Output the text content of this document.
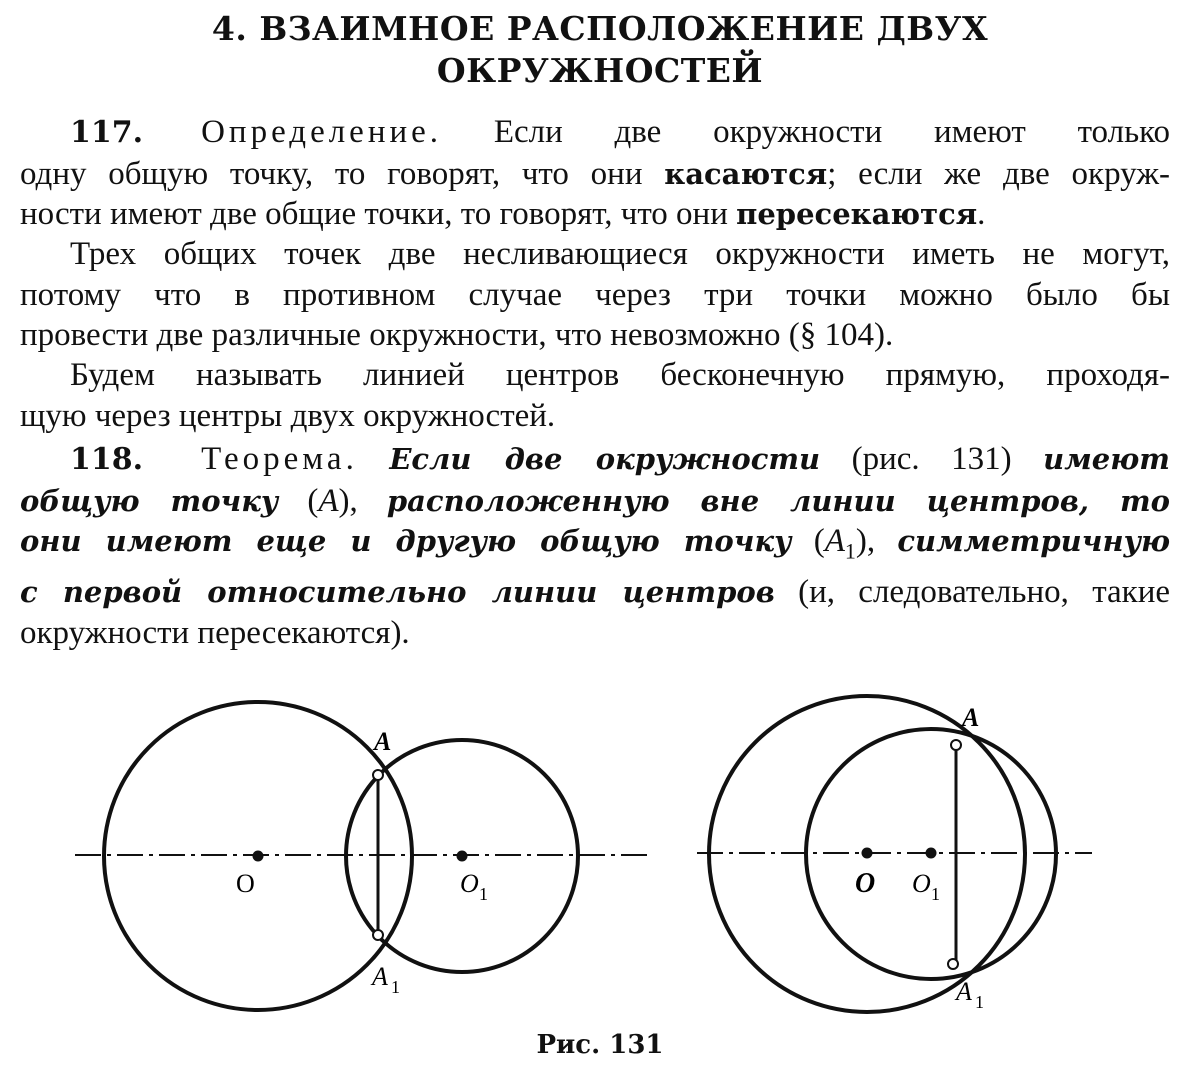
4. ВЗАИМНОЕ РАСПОЛОЖЕНИЕ ДВУХ
ОКРУЖНОСТЕЙ
117. Определение. Если две окружности имеют только
одну общую точку, то говорят, что они касаются; если же две окруж-
ности имеют две общие точки, то говорят, что они пересекаются.
Трех общих точек две несливающиеся окружности иметь не могут,
потому что в противном случае через три точки можно было бы
провести две различные окружности, что невозможно (§ 104).
Будем называть линией центров бесконечную прямую, проходя-
щую через центры двух окружностей.
118. Теорема. Если две окружности (рис. 131) имеют
общую точку (A), расположенную вне линии центров, то
они имеют еще и другую общую точку $(A_1)$, симметричную
с первой относительно линии центров (и, следовательно, такие
окружности пересекаются).
A
A 1
O	O 1
A
A 1
O O 1
Рис. 131
